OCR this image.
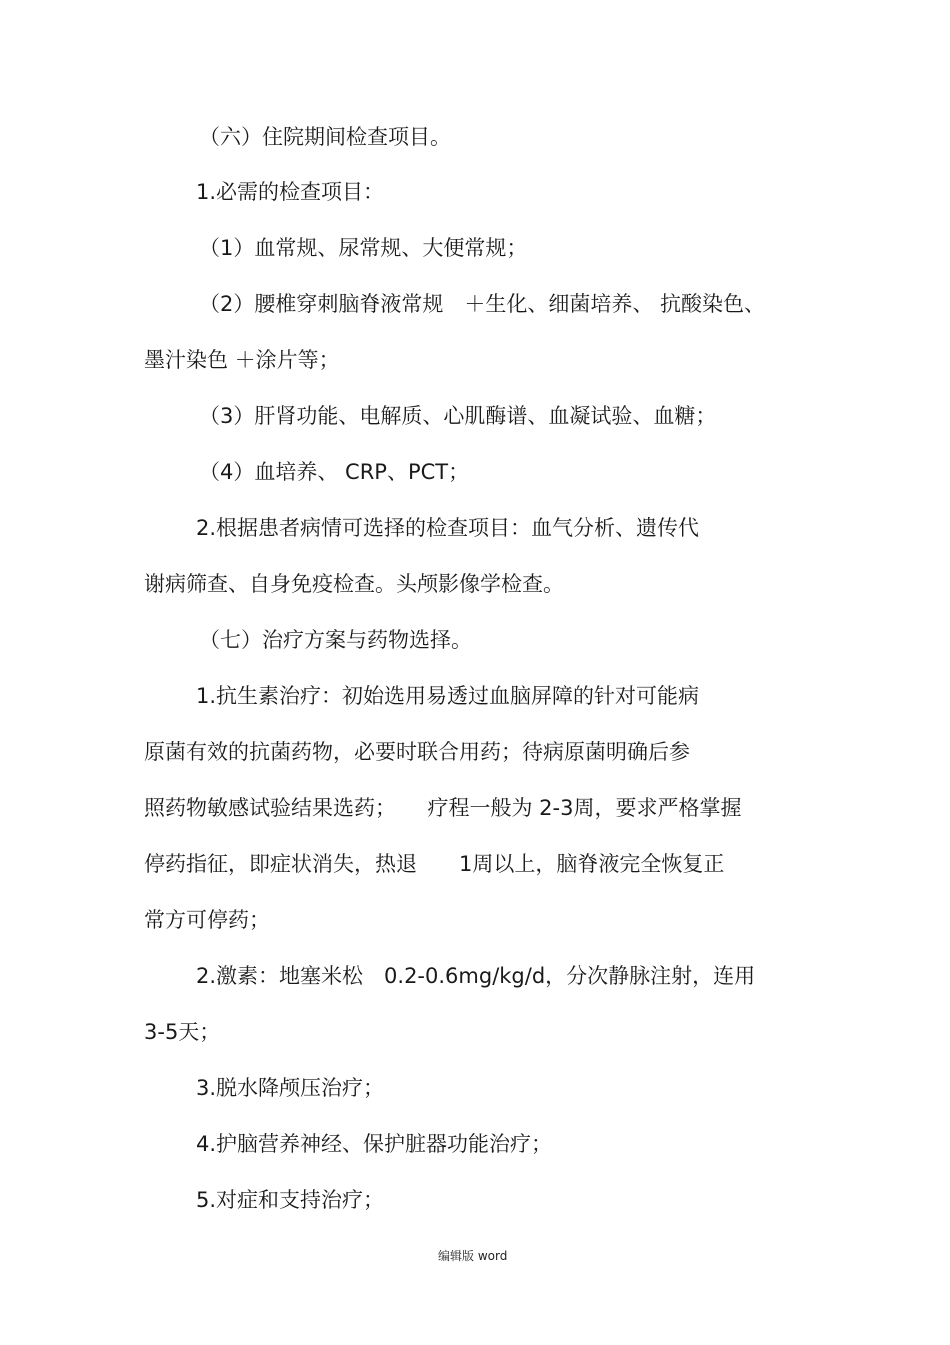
（六）住院期间检查项目。
1.必需的检查项目：
（1）血常规、尿常规、大便常规；
（2）腰椎穿刺脑脊液常规　＋生化、细菌培养、 抗酸染色、
墨汁染色 ＋涂片等；
（3）肝肾功能、电解质、心肌酶谱、血凝试验、血糖；
（4）血培养、 CRP、PCT；
2.根据患者病情可选择的检查项目：血气分析、遗传代
谢病筛查、自身免疫检查。头颅影像学检查。
（七）治疗方案与药物选择。
1.抗生素治疗：初始选用易透过血脑屏障的针对可能病
原菌有效的抗菌药物，必要时联合用药；待病原菌明确后参
照药物敏感试验结果选药；　　疗程一般为 2-3周，要求严格掌握
停药指征，即症状消失，热退　　1周以上，脑脊液完全恢复正
常方可停药；
2.激素：地塞米松　0.2-0.6mg/kg/d，分次静脉注射，连用
3-5天；
3.脱水降颅压治疗；
4.护脑营养神经、保护脏器功能治疗；
5.对症和支持治疗；
编辑版 word
